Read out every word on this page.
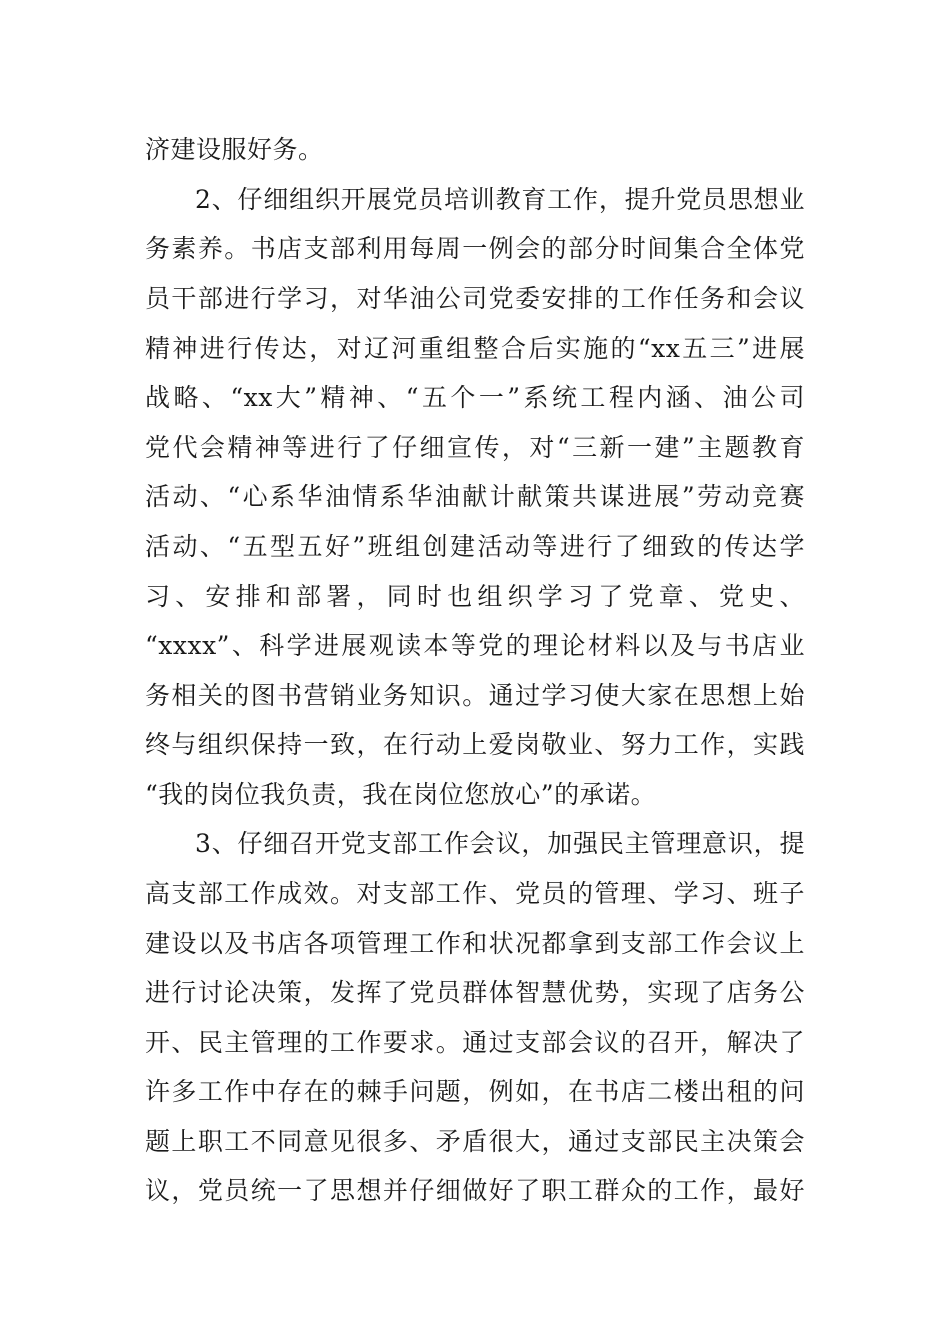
济建设服好务。
2、仔细组织开展党员培训教育工作，提升党员思想业
务素养。书店支部利用每周一例会的部分时间集合全体党
员干部进行学习，对华油公司党委安排的工作任务和会议
精神进行传达，对辽河重组整合后实施的“xx五三”进展
战略、“xx大”精神、“五个一”系统工程内涵、油公司
党代会精神等进行了仔细宣传，对“三新一建”主题教育
活动、“心系华油情系华油献计献策共谋进展”劳动竞赛
活动、“五型五好”班组创建活动等进行了细致的传达学
习、安排和部署，同时也组织学习了党章、党史、
“xxxx”、科学进展观读本等党的理论材料以及与书店业
务相关的图书营销业务知识。通过学习使大家在思想上始
终与组织保持一致，在行动上爱岗敬业、努力工作，实践
“我的岗位我负责，我在岗位您放心”的承诺。
3、仔细召开党支部工作会议，加强民主管理意识，提
高支部工作成效。对支部工作、党员的管理、学习、班子
建设以及书店各项管理工作和状况都拿到支部工作会议上
进行讨论决策，发挥了党员群体智慧优势，实现了店务公
开、民主管理的工作要求。通过支部会议的召开，解决了
许多工作中存在的棘手问题，例如，在书店二楼出租的问
题上职工不同意见很多、矛盾很大，通过支部民主决策会
议，党员统一了思想并仔细做好了职工群众的工作，最好
